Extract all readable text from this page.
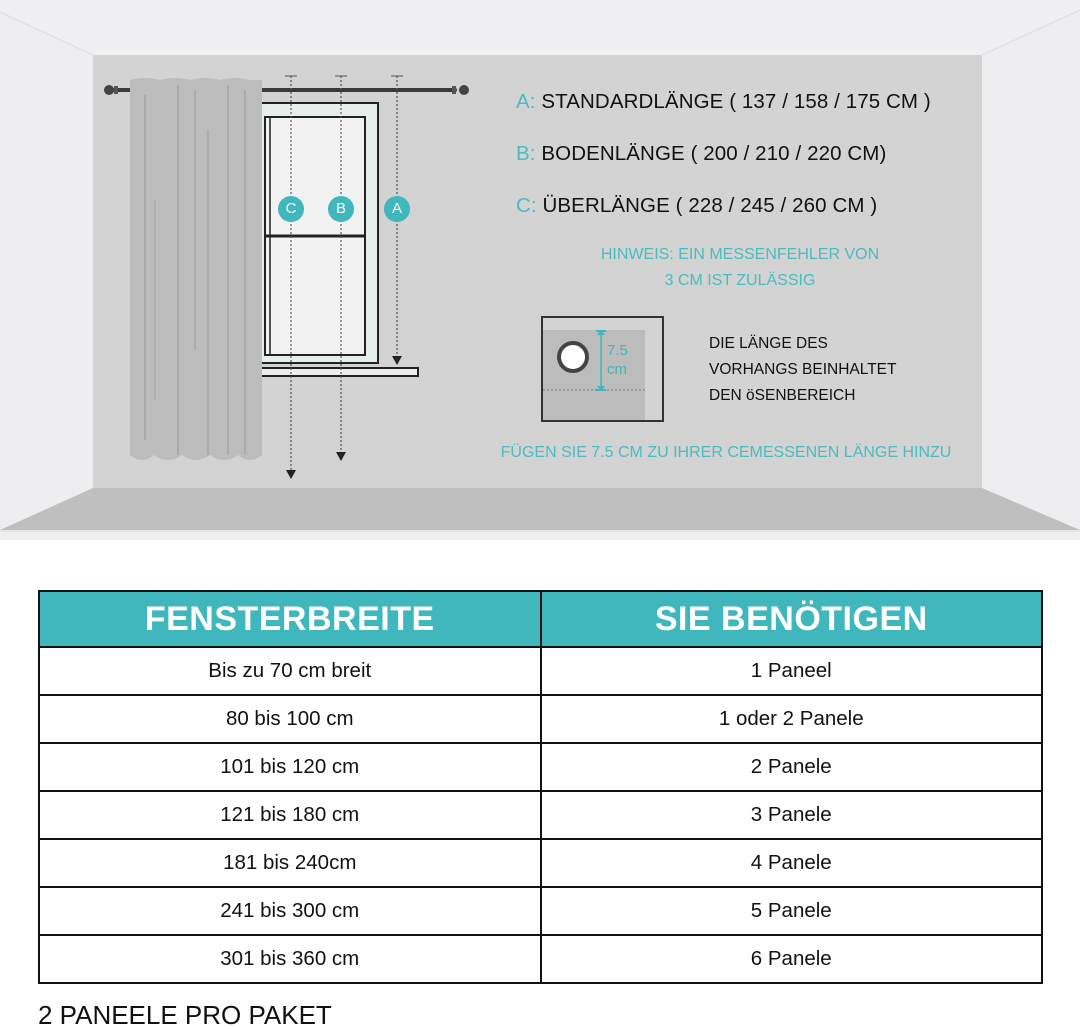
C	B	A
A: STANDARDLÄNGE ( 137 / 158 / 175 CM )
B: BODENLÄNGE ( 200 / 210 / 220 CM)
C: ÜBERLÄNGE ( 228 / 245 / 260 CM )
HINWEIS: EIN MESSENFEHLER VON
3 CM IST ZULÄSSIG
7.5
cm
DIE LÄNGE DES
VORHANGS BEINHALTET
DEN öSENBEREICH
FÜGEN SIE 7.5 CM ZU IHRER CEMESSENEN LÄNGE HINZU
FENSTERBREITE	SIE BENÖTIGEN
Bis zu 70 cm breit	1 Paneel
80 bis 100 cm	1 oder 2 Panele
101 bis 120 cm	2 Panele
121 bis 180 cm	3 Panele
181 bis 240cm	4 Panele
241 bis 300 cm	5 Panele
301 bis 360 cm	6 Panele
2 PANEELE PRO PAKET
